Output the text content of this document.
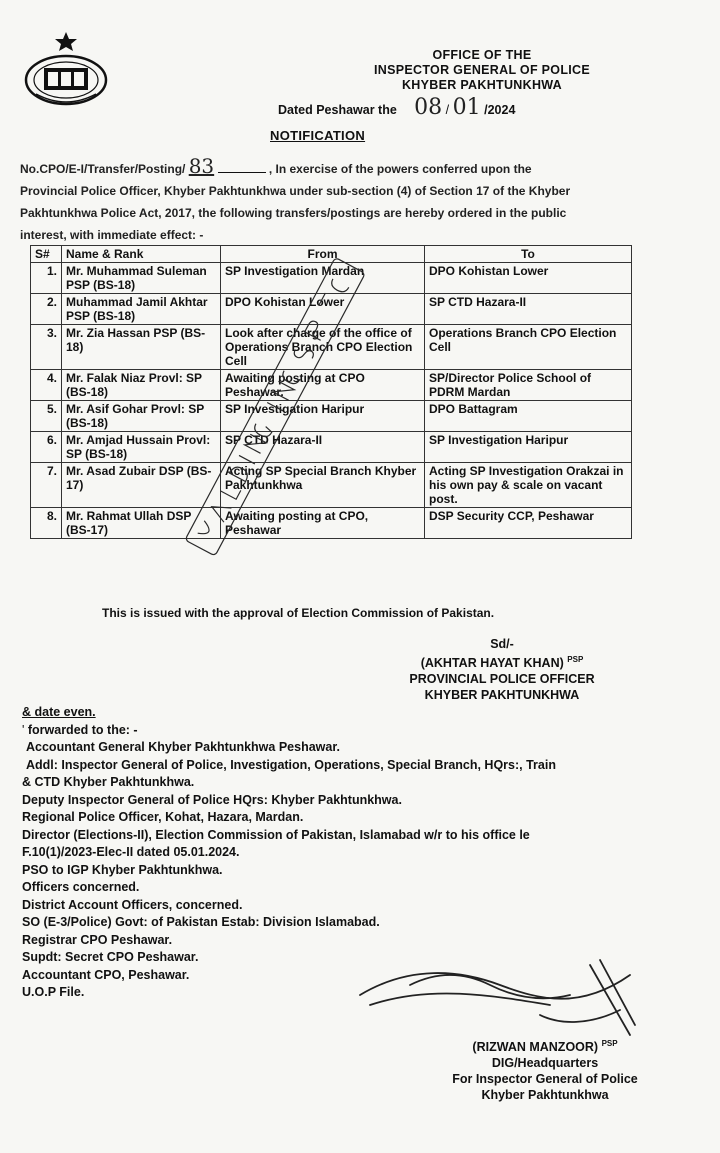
OFFICE OF THE
INSPECTOR GENERAL OF POLICE
KHYBER PAKHTUNKHWA
Dated Peshawar the 08 / 01 /2024
NOTIFICATION
No.CPO/E-I/Transfer/Posting/ 83	, In exercise of the powers conferred upon the
Provincial Police Officer, Khyber Pakhtunkhwa under sub-section (4) of Section 17 of the Khyber
Pakhtunkhwa Police Act, 2017, the following transfers/postings are hereby ordered in the public
interest, with immediate effect: -
S#	Name & Rank	From	To
1.	Mr. Muhammad Suleman PSP (BS-18)	SP Investigation Mardan	DPO Kohistan Lower
2.	Muhammad Jamil Akhtar PSP (BS-18)	DPO Kohistan Lower	SP CTD Hazara-II
3.	Mr. Zia Hassan PSP (BS-18)	Look after charge of the office of Operations Branch CPO Election Cell	Operations Branch CPO Election Cell
4.	Mr. Falak Niaz Provl: SP (BS-18)	Awaiting posting at CPO Peshawar.	SP/Director Police School of PDRM Mardan
5.	Mr. Asif Gohar Provl: SP (BS-18)	SP Investigation Haripur	DPO Battagram
6.	Mr. Amjad Hussain Provl: SP (BS-18)	SP CTD Hazara-II	SP Investigation Haripur
7.	Mr. Asad Zubair DSP (BS-17)	Acting SP Special Branch Khyber Pakhtunkhwa	Acting SP Investigation Orakzai in his own pay & scale on vacant post.
8.	Mr. Rahmat Ullah DSP (BS-17)	Awaiting posting at CPO, Peshawar	DSP Security CCP, Peshawar
This is issued with the approval of Election Commission of Pakistan.
Sd/-
(AKHTAR HAYAT KHAN) $^{PSP}$
PROVINCIAL POLICE OFFICER
KHYBER PAKHTUNKHWA
& date even.
' forwarded to the: -
Accountant General Khyber Pakhtunkhwa Peshawar.
Addl: Inspector General of Police, Investigation, Operations, Special Branch, HQrs:, Train
& CTD Khyber Pakhtunkhwa.
Deputy Inspector General of Police HQrs: Khyber Pakhtunkhwa.
Regional Police Officer, Kohat, Hazara, Mardan.
Director (Elections-II), Election Commission of Pakistan, Islamabad w/r to his office le
F.10(1)/2023-Elec-II dated 05.01.2024.
PSO to IGP Khyber Pakhtunkhwa.
Officers concerned.
District Account Officers, concerned.
SO (E-3/Police) Govt: of Pakistan Estab: Division Islamabad.
Registrar CPO Peshawar.
Supdt: Secret CPO Peshawar.
Accountant CPO, Peshawar.
U.O.P File.
(RIZWAN MANZOOR) $^{PSP}$
DIG/Headquarters
For Inspector General of Police
Khyber Pakhtunkhwa
